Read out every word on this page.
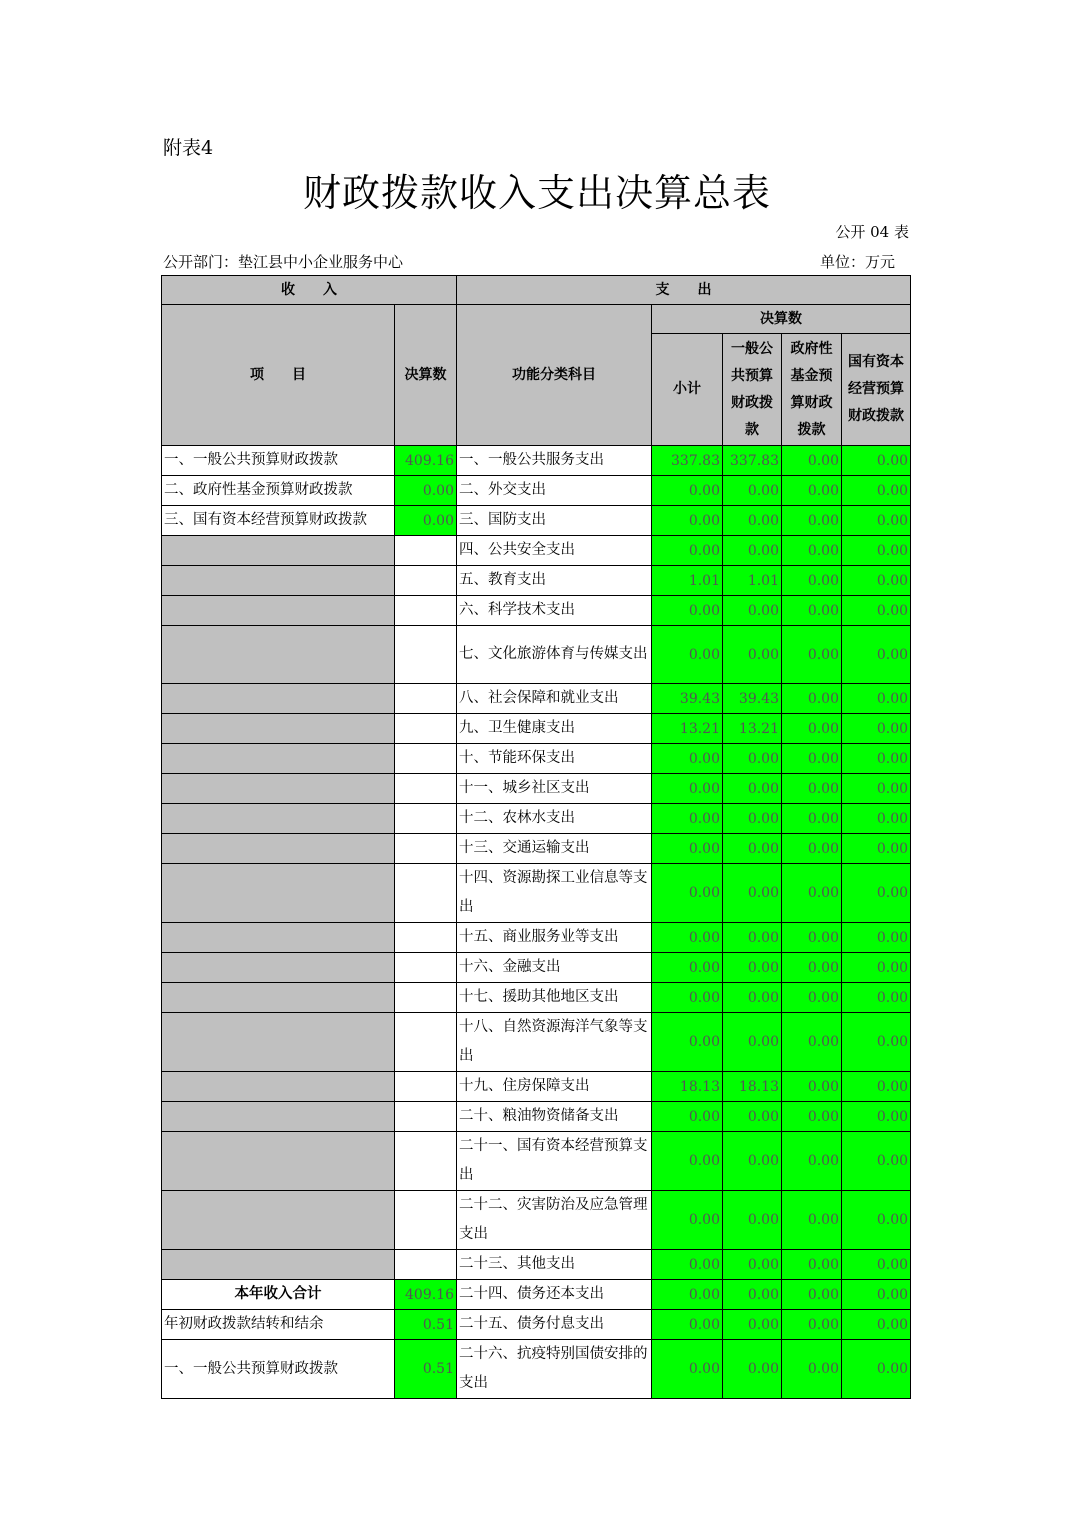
附表4
财政拨款收入支出决算总表
公开 04 表
公开部门：垫江县中小企业服务中心	单位：万元
收　　入		支　　出				
项　　目	决算数	功能分类科目	决算数			
			小计	一般公共预算财政拨款	政府性基金预算财政拨款	国有资本经营预算财政拨款
一、一般公共预算财政拨款	409.16	一、一般公共服务支出	337.83	337.83	0.00	0.00
二、政府性基金预算财政拨款	0.00	二、外交支出	0.00	0.00	0.00	0.00
三、国有资本经营预算财政拨款	0.00	三、国防支出	0.00	0.00	0.00	0.00
		四、公共安全支出	0.00	0.00	0.00	0.00
		五、教育支出	1.01	1.01	0.00	0.00
		六、科学技术支出	0.00	0.00	0.00	0.00
		七、文化旅游体育与传媒支出	0.00	0.00	0.00	0.00
		八、社会保障和就业支出	39.43	39.43	0.00	0.00
		九、卫生健康支出	13.21	13.21	0.00	0.00
		十、节能环保支出	0.00	0.00	0.00	0.00
		十一、城乡社区支出	0.00	0.00	0.00	0.00
		十二、农林水支出	0.00	0.00	0.00	0.00
		十三、交通运输支出	0.00	0.00	0.00	0.00
		十四、资源勘探工业信息等支出	0.00	0.00	0.00	0.00
		十五、商业服务业等支出	0.00	0.00	0.00	0.00
		十六、金融支出	0.00	0.00	0.00	0.00
		十七、援助其他地区支出	0.00	0.00	0.00	0.00
		十八、自然资源海洋气象等支出	0.00	0.00	0.00	0.00
		十九、住房保障支出	18.13	18.13	0.00	0.00
		二十、粮油物资储备支出	0.00	0.00	0.00	0.00
		二十一、国有资本经营预算支出	0.00	0.00	0.00	0.00
		二十二、灾害防治及应急管理支出	0.00	0.00	0.00	0.00
		二十三、其他支出	0.00	0.00	0.00	0.00
本年收入合计	409.16	二十四、债务还本支出	0.00	0.00	0.00	0.00
年初财政拨款结转和结余	0.51	二十五、债务付息支出	0.00	0.00	0.00	0.00
一、一般公共预算财政拨款	0.51	二十六、抗疫特别国债安排的支出	0.00	0.00	0.00	0.00
